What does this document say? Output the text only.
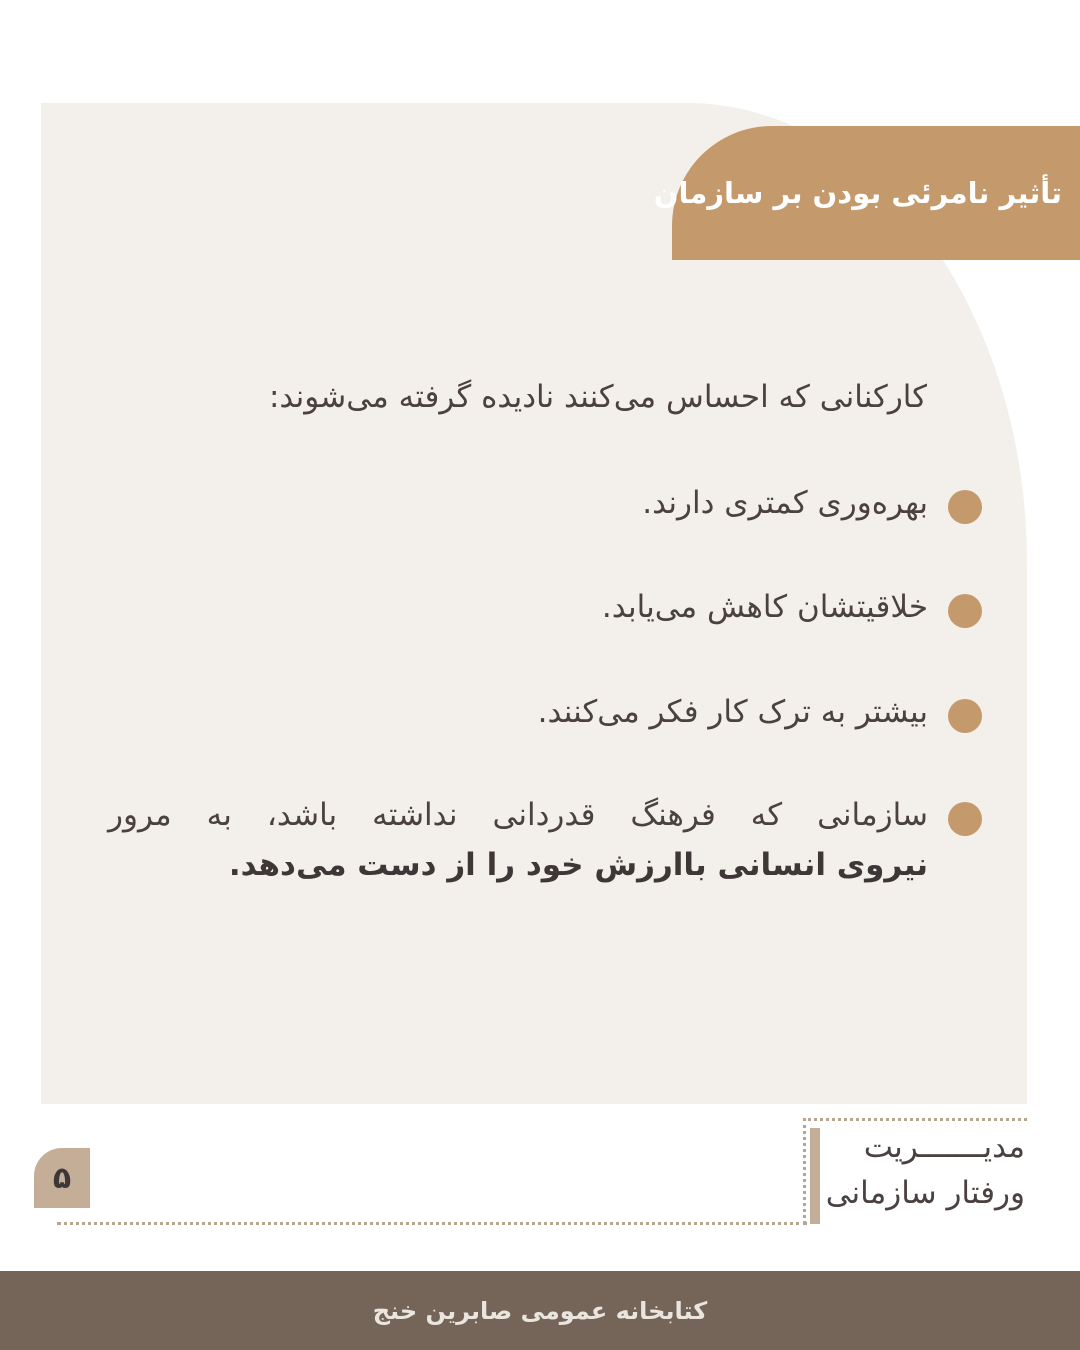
تأثیر نامرئی بودن بر سازمان
کارکنانی که احساس می‌کنند نادیده گرفته می‌شوند:
بهره‌وری کمتری دارند.
خلاقیتشان کاهش می‌یابد.
بیشتر به ترک کار فکر می‌کنند.
سازمانی که فرهنگ قدردانی نداشته باشد، به مرور
نیروی انسانی باارزش خود را از دست می‌دهد.
مدیـــــــریت
ورفتار سازمانی
۵
کتابخانه عمومی صابرین خنج
